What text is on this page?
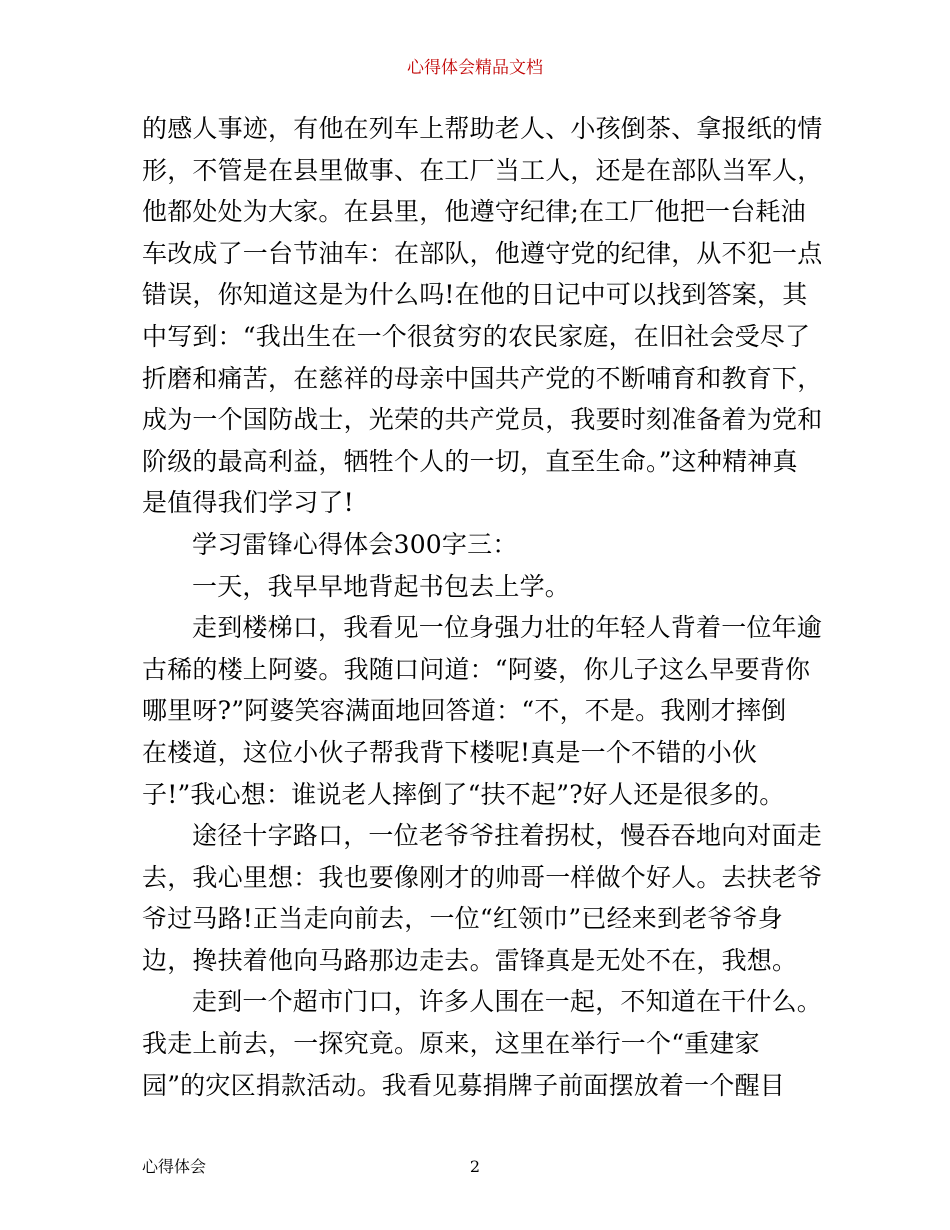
心得体会精品文档
的感人事迹，有他在列车上帮助老人、小孩倒茶、拿报纸的情
形，不管是在县里做事、在工厂当工人，还是在部队当军人，
他都处处为大家。在县里，他遵守纪律;在工厂他把一台耗油
车改成了一台节油车：在部队，他遵守党的纪律，从不犯一点
错误，你知道这是为什么吗!在他的日记中可以找到答案，其
中写到：“我出生在一个很贫穷的农民家庭，在旧社会受尽了
折磨和痛苦，在慈祥的母亲中国共产党的不断哺育和教育下，
成为一个国防战士，光荣的共产党员，我要时刻准备着为党和
阶级的最高利益，牺牲个人的一切，直至生命。”这种精神真
是值得我们学习了!
学习雷锋心得体会300字三：
一天，我早早地背起书包去上学。
走到楼梯口，我看见一位身强力壮的年轻人背着一位年逾
古稀的楼上阿婆。我随口问道：“阿婆，你儿子这么早要背你
哪里呀?”阿婆笑容满面地回答道：“不，不是。我刚才摔倒
在楼道，这位小伙子帮我背下楼呢!真是一个不错的小伙
子!”我心想：谁说老人摔倒了“扶不起”?好人还是很多的。
途径十字路口，一位老爷爷拄着拐杖，慢吞吞地向对面走
去，我心里想：我也要像刚才的帅哥一样做个好人。去扶老爷
爷过马路!正当走向前去，一位“红领巾”已经来到老爷爷身
边，搀扶着他向马路那边走去。雷锋真是无处不在，我想。
走到一个超市门口，许多人围在一起，不知道在干什么。
我走上前去，一探究竟。原来，这里在举行一个“重建家
园”的灾区捐款活动。我看见募捐牌子前面摆放着一个醒目
心得体会	2
